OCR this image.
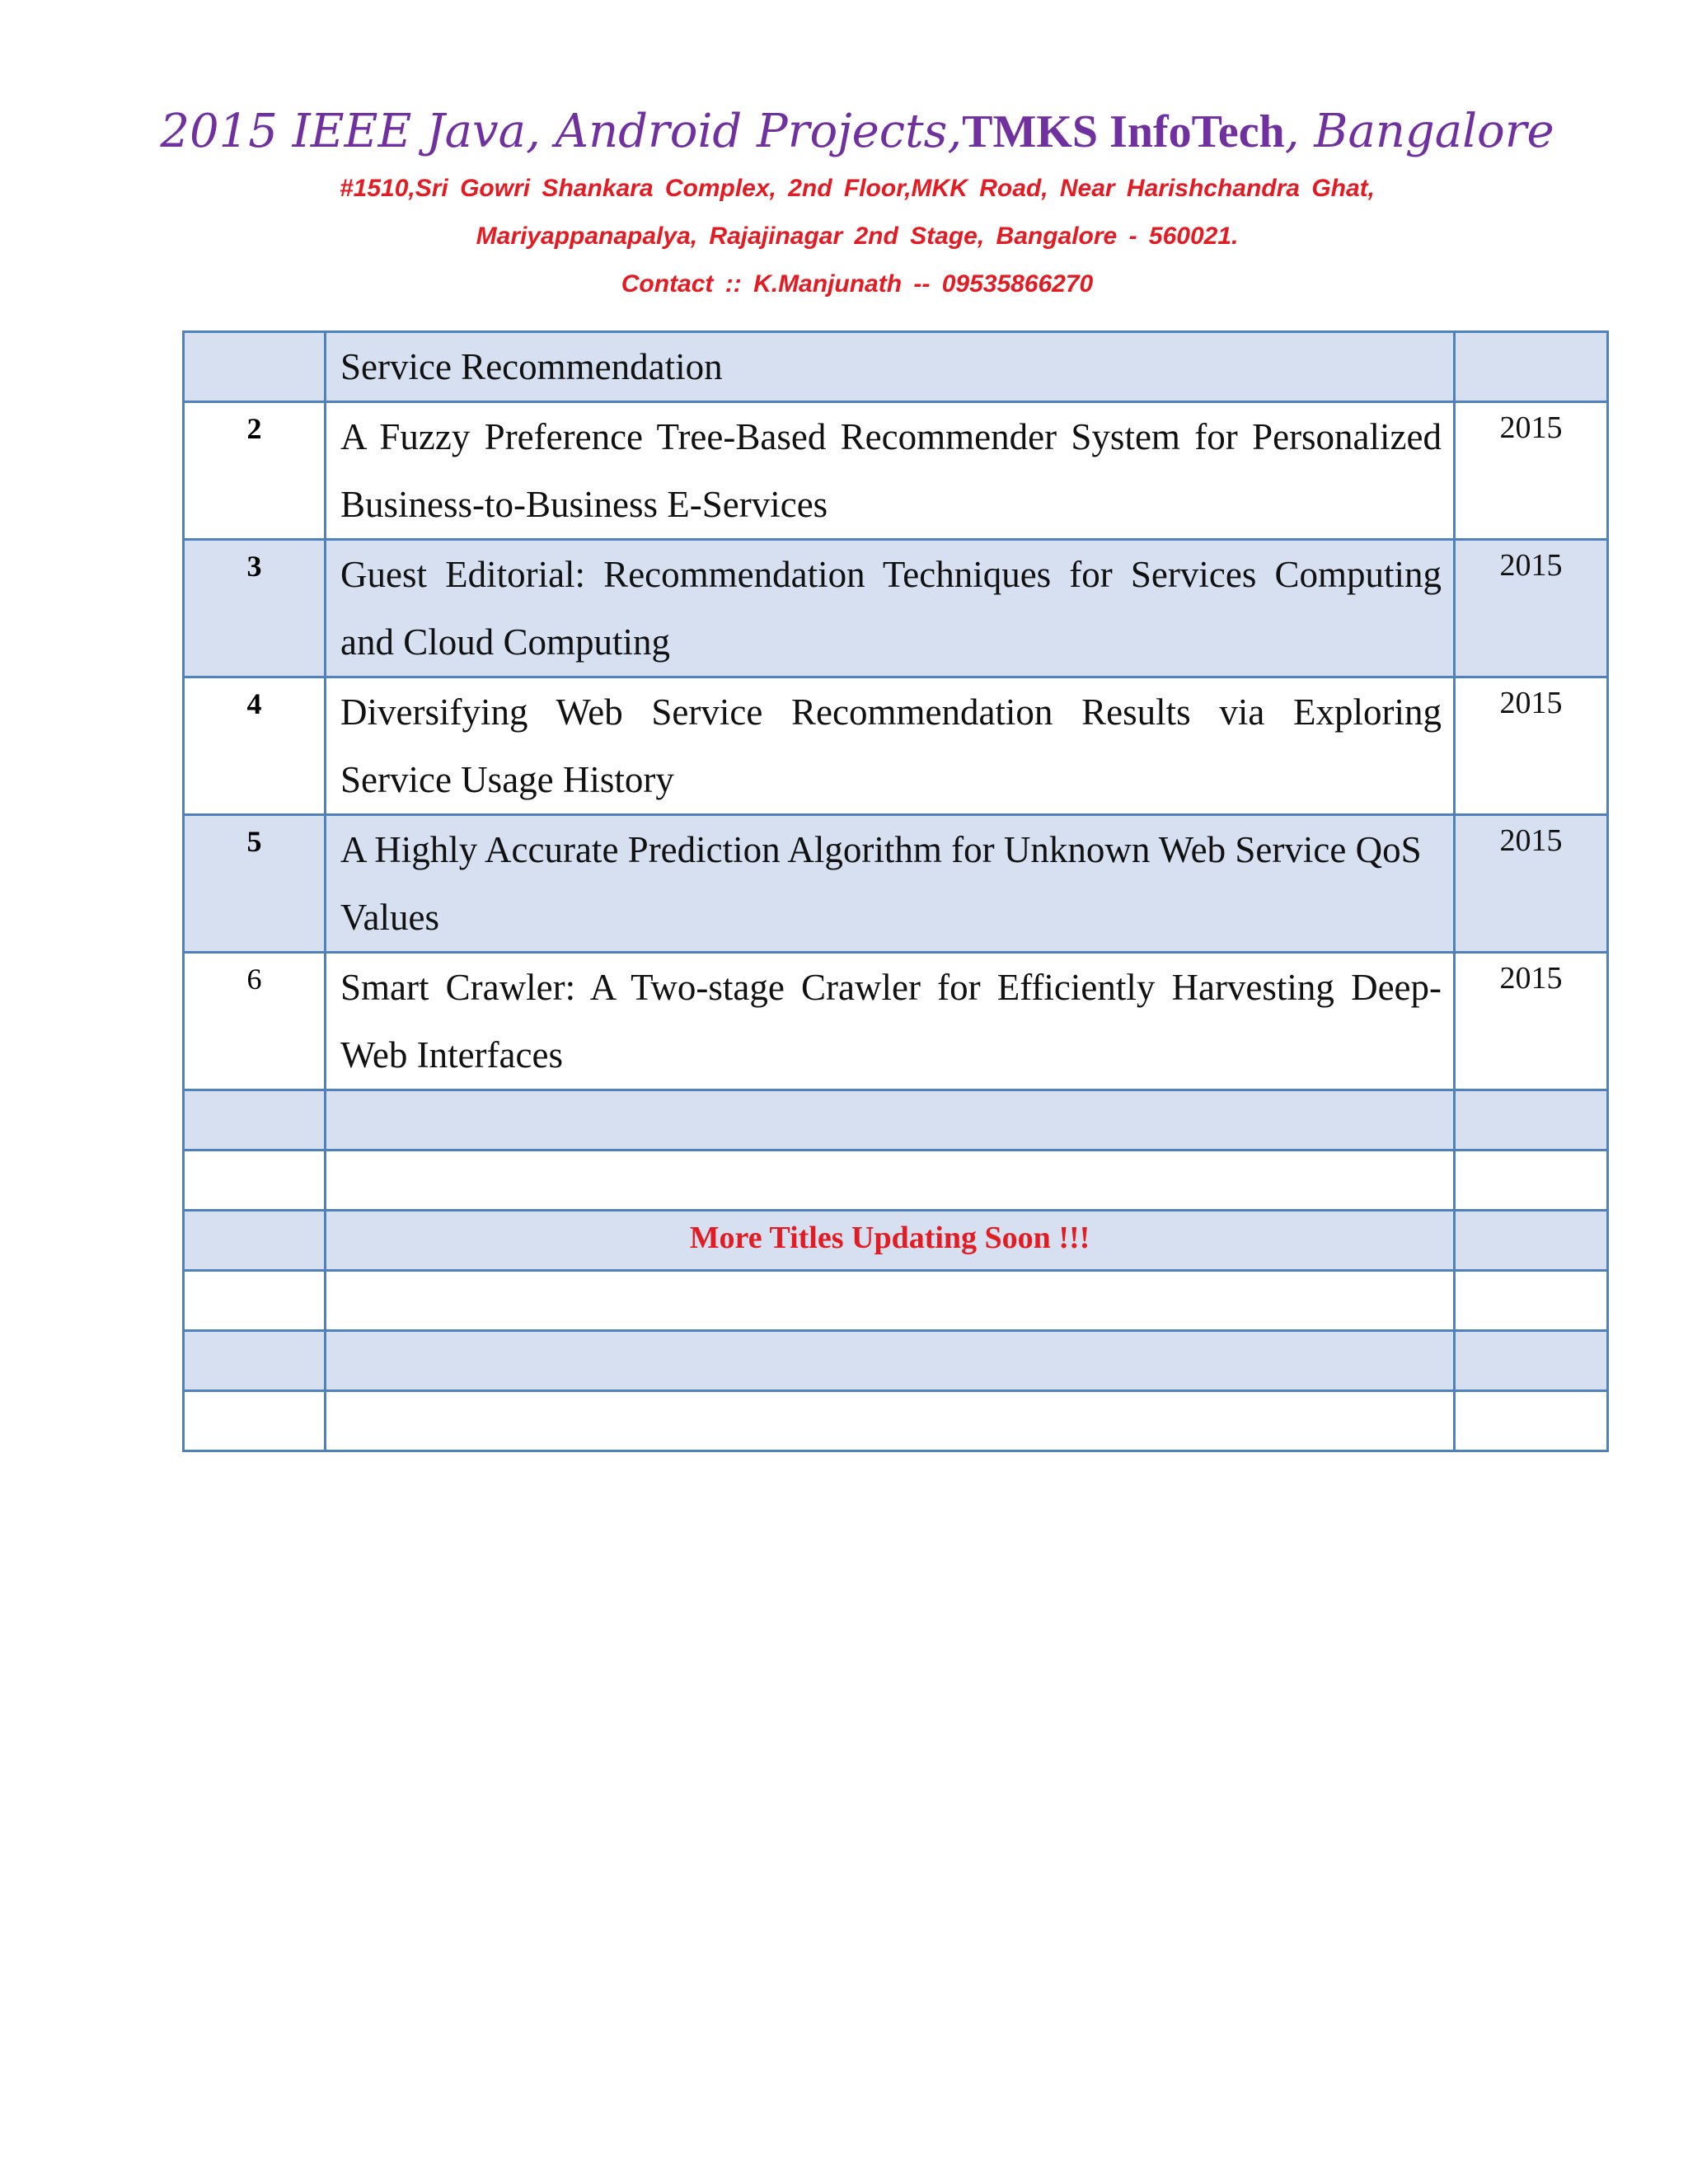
2015 IEEE Java, Android Projects,TMKS InfoTech, Bangalore
#1510,Sri Gowri Shankara Complex, 2nd Floor,MKK Road, Near Harishchandra Ghat,
Mariyappanapalya, Rajajinagar 2nd Stage, Bangalore - 560021.
Contact :: K.Manjunath -- 09535866270

	Service Recommendation	

2	A Fuzzy Preference Tree-Based Recommender System for Personalized Business-to-Business E-Services	2015

3	Guest Editorial: Recommendation Techniques for Services Computing and Cloud Computing	2015

4	Diversifying Web Service Recommendation Results via Exploring Service Usage History	2015

5	A Highly Accurate Prediction Algorithm for Unknown Web Service QoS Values	2015

6	Smart Crawler: A Two-stage Crawler for Efficiently Harvesting Deep-Web Interfaces	2015

	More Titles Updating Soon !!!	
